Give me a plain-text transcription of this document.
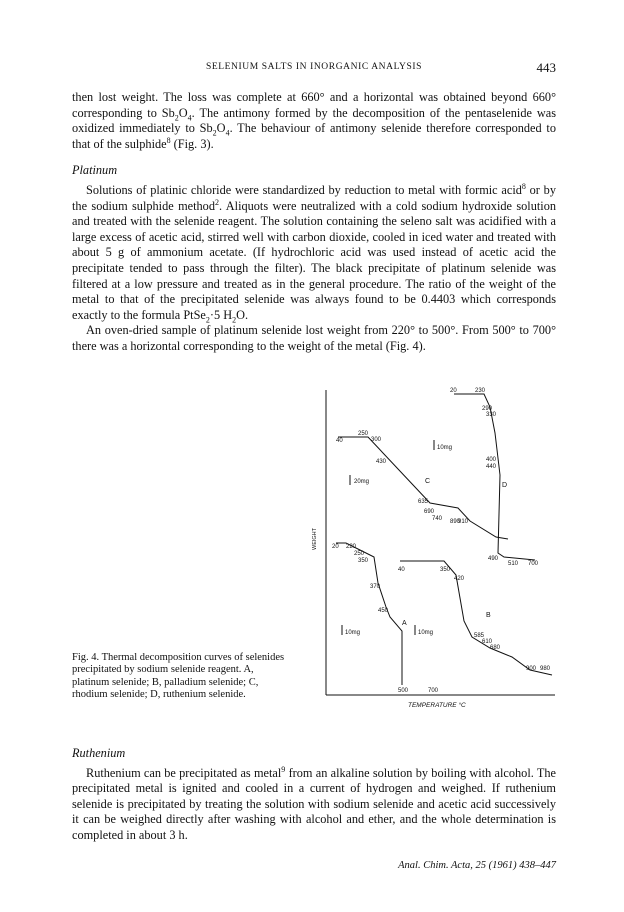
SELENIUM SALTS IN INORGANIC ANALYSIS	443

then lost weight. The loss was complete at 660° and a horizontal was obtained beyond 660° corresponding to $Sb_2O_4$. The antimony formed by the decomposition of the pentaselenide was oxidized immediately to $Sb_2O_4$. The behaviour of antimony selenide therefore corresponded to that of the sulphide$^8$ (Fig. 3).

Platinum

Solutions of platinic chloride were standardized by reduction to metal with formic acid$^8$ or by the sodium sulphide method$^2$. Aliquots were neutralized with a cold sodium hydroxide solution and treated with the selenide reagent. The solution containing the seleno salt was acidified with a large excess of acetic acid, stirred well with carbon dioxide, cooled in iced water and treated with about 5 g of ammonium acetate. (If hydrochloric acid was used instead of acetic acid the precipitate tended to pass through the filter). The black precipitate of platinum selenide was filtered at a low pressure and treated as in the general procedure. The ratio of the weight of the metal to that of the precipitated selenide was always found to be 0.4403 which corresponds exactly to the formula PtSe$_2$·5 $H_2O$.

An oven-dried sample of platinum selenide lost weight from 220° to 500°. From 500° to 700° there was a horizontal corresponding to the weight of the metal (Fig. 4).

40
250
300
430
635
690
740 890
910
20mg	C
20	230
290
330
400
440
490
510 700
10mg
D
20 220
250
350
370
450
500	700
10mg
A
40	350
420
585
610
680
900 980
10mg
B
WEIGHT
TEMPERATURE °C

Fig. 4. Thermal decomposition curves of selenides precipitated by sodium selenide reagent. A, platinum selenide; B, palladium selenide; C, rhodium selenide; D, ruthenium selenide.

Ruthenium

Ruthenium can be precipitated as metal$^9$ from an alkaline solution by boiling with alcohol. The precipitated metal is ignited and cooled in a current of hydrogen and weighed. If ruthenium selenide is precipitated by treating the solution with sodium selenide and acetic acid successively it can be weighed directly after washing with alcohol and ether, and the whole determination is completed in about 3 h.

Anal. Chim. Acta, 25 (1961) 438–447
